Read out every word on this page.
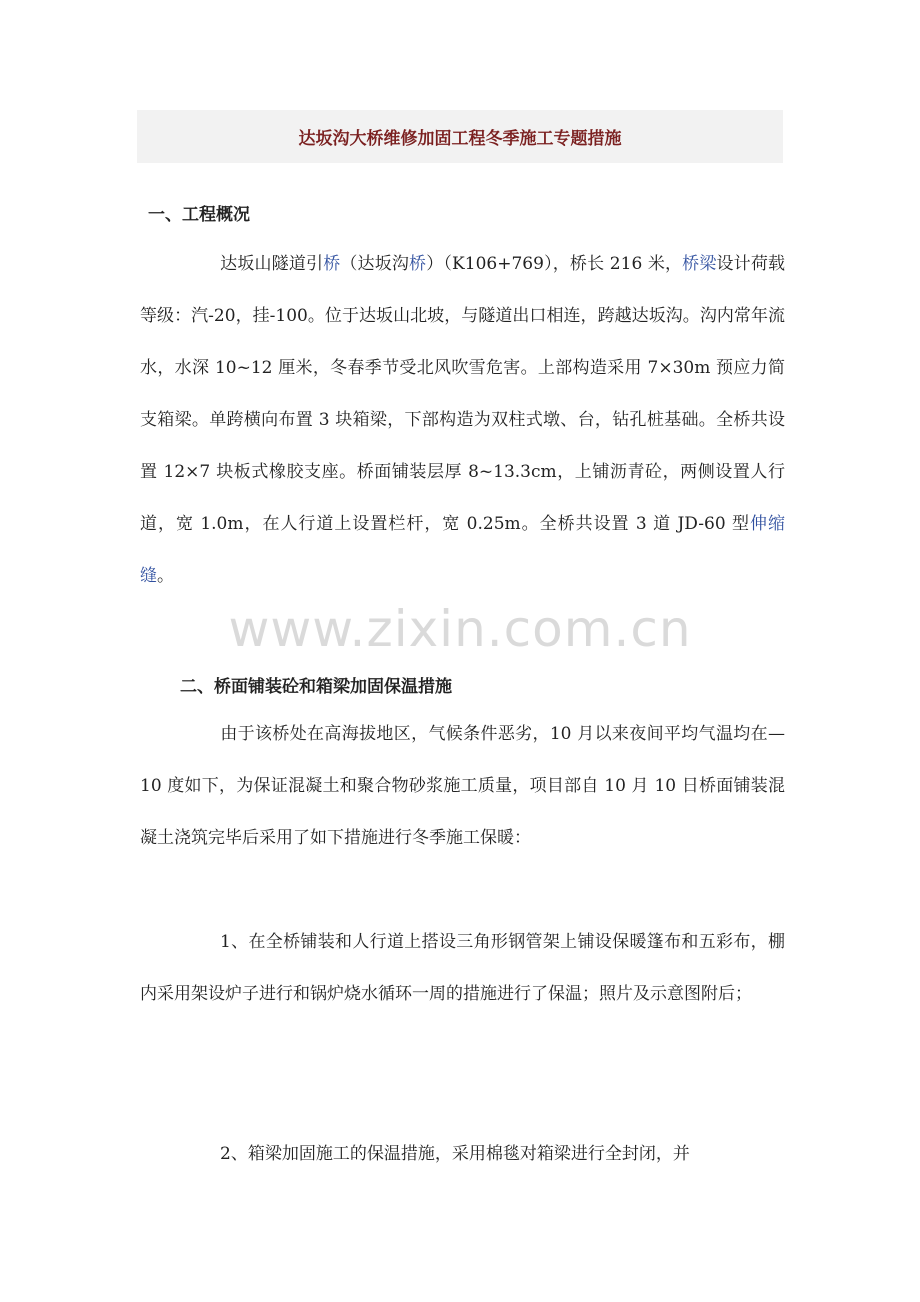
达坂沟大桥维修加固工程冬季施工专题措施
一、工程概况
达坂山隧道引桥（达坂沟桥）（K106+769），桥长 216 米，桥梁设计荷载等级：汽-20，挂-100。位于达坂山北坡，与隧道出口相连，跨越达坂沟。沟内常年流水，水深 10~12 厘米，冬春季节受北风吹雪危害。上部构造采用 7×30m 预应力简支箱梁。单跨横向布置 3 块箱梁，下部构造为双柱式墩、台，钻孔桩基础。全桥共设置 12×7 块板式橡胶支座。桥面铺装层厚 8~13.3cm，上铺沥青砼，两侧设置人行道，宽 1.0m，在人行道上设置栏杆，宽 0.25m。全桥共设置 3 道 JD-60 型伸缩缝。
www.zixin.com.cn
二、桥面铺装砼和箱梁加固保温措施
由于该桥处在高海拔地区，气候条件恶劣，10 月以来夜间平均气温均在—10 度如下，为保证混凝土和聚合物砂浆施工质量，项目部自 10 月 10 日桥面铺装混凝土浇筑完毕后采用了如下措施进行冬季施工保暖：
1、在全桥铺装和人行道上搭设三角形钢管架上铺设保暖篷布和五彩布，棚内采用架设炉子进行和锅炉烧水循环一周的措施进行了保温；照片及示意图附后；
2、箱梁加固施工的保温措施，采用棉毯对箱梁进行全封闭，并
